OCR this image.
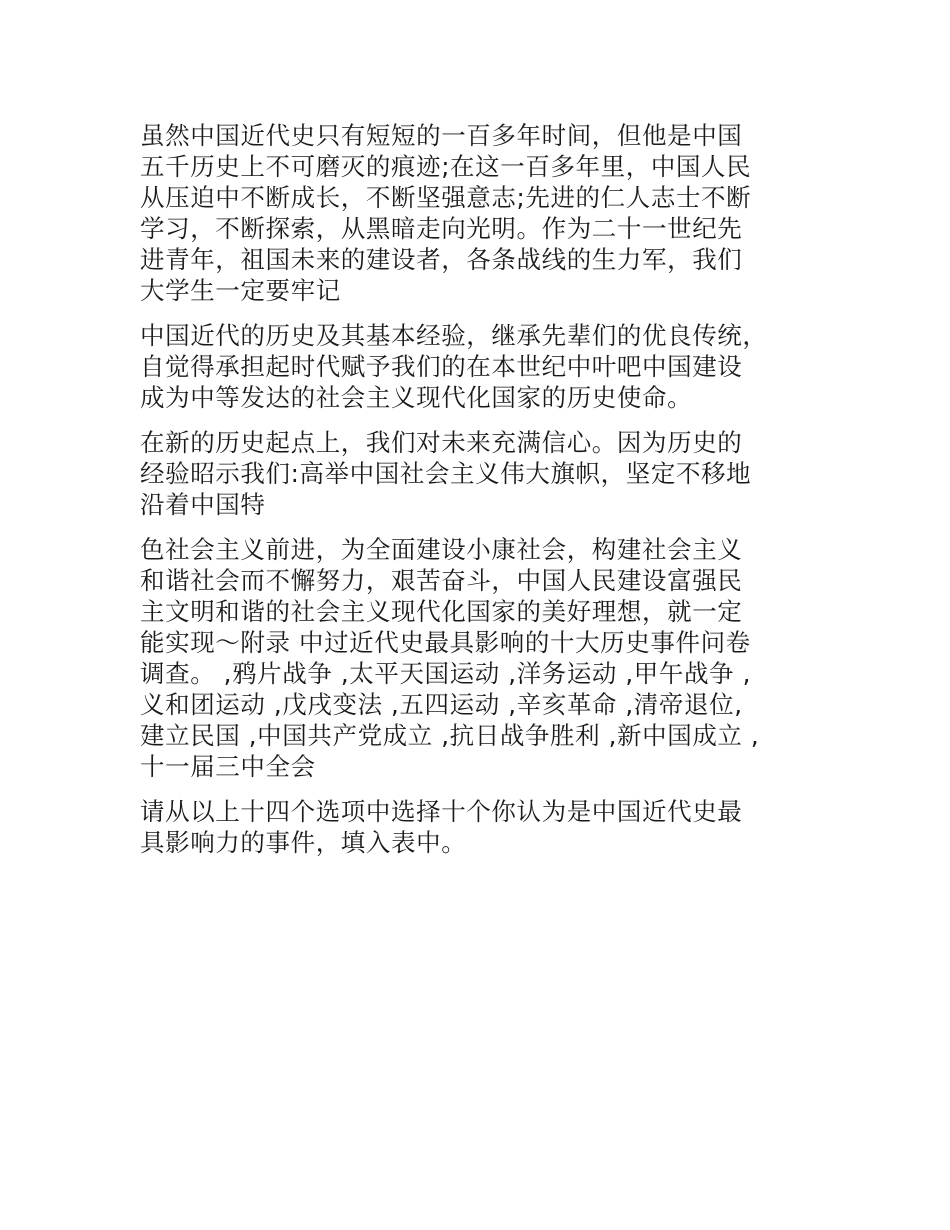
虽然中国近代史只有短短的一百多年时间，但他是中国
五千历史上不可磨灭的痕迹;在这一百多年里，中国人民
从压迫中不断成长，不断坚强意志;先进的仁人志士不断
学习，不断探索，从黑暗走向光明。作为二十一世纪先
进青年，祖国未来的建设者，各条战线的生力军，我们
大学生一定要牢记

中国近代的历史及其基本经验，继承先辈们的优良传统，
自觉得承担起时代赋予我们的在本世纪中叶吧中国建设
成为中等发达的社会主义现代化国家的历史使命。

在新的历史起点上，我们对未来充满信心。因为历史的
经验昭示我们:高举中国社会主义伟大旗帜，坚定不移地
沿着中国特

色社会主义前进，为全面建设小康社会，构建社会主义
和谐社会而不懈努力，艰苦奋斗，中国人民建设富强民
主文明和谐的社会主义现代化国家的美好理想，就一定
能实现～附录 中过近代史最具影响的十大历史事件问卷
调查。 ,鸦片战争 ,太平天国运动 ,洋务运动 ,甲午战争 ,
义和团运动 ,戊戌变法 ,五四运动 ,辛亥革命 ,清帝退位,
建立民国 ,中国共产党成立 ,抗日战争胜利 ,新中国成立 ,
十一届三中全会

请从以上十四个选项中选择十个你认为是中国近代史最
具影响力的事件，填入表中。
